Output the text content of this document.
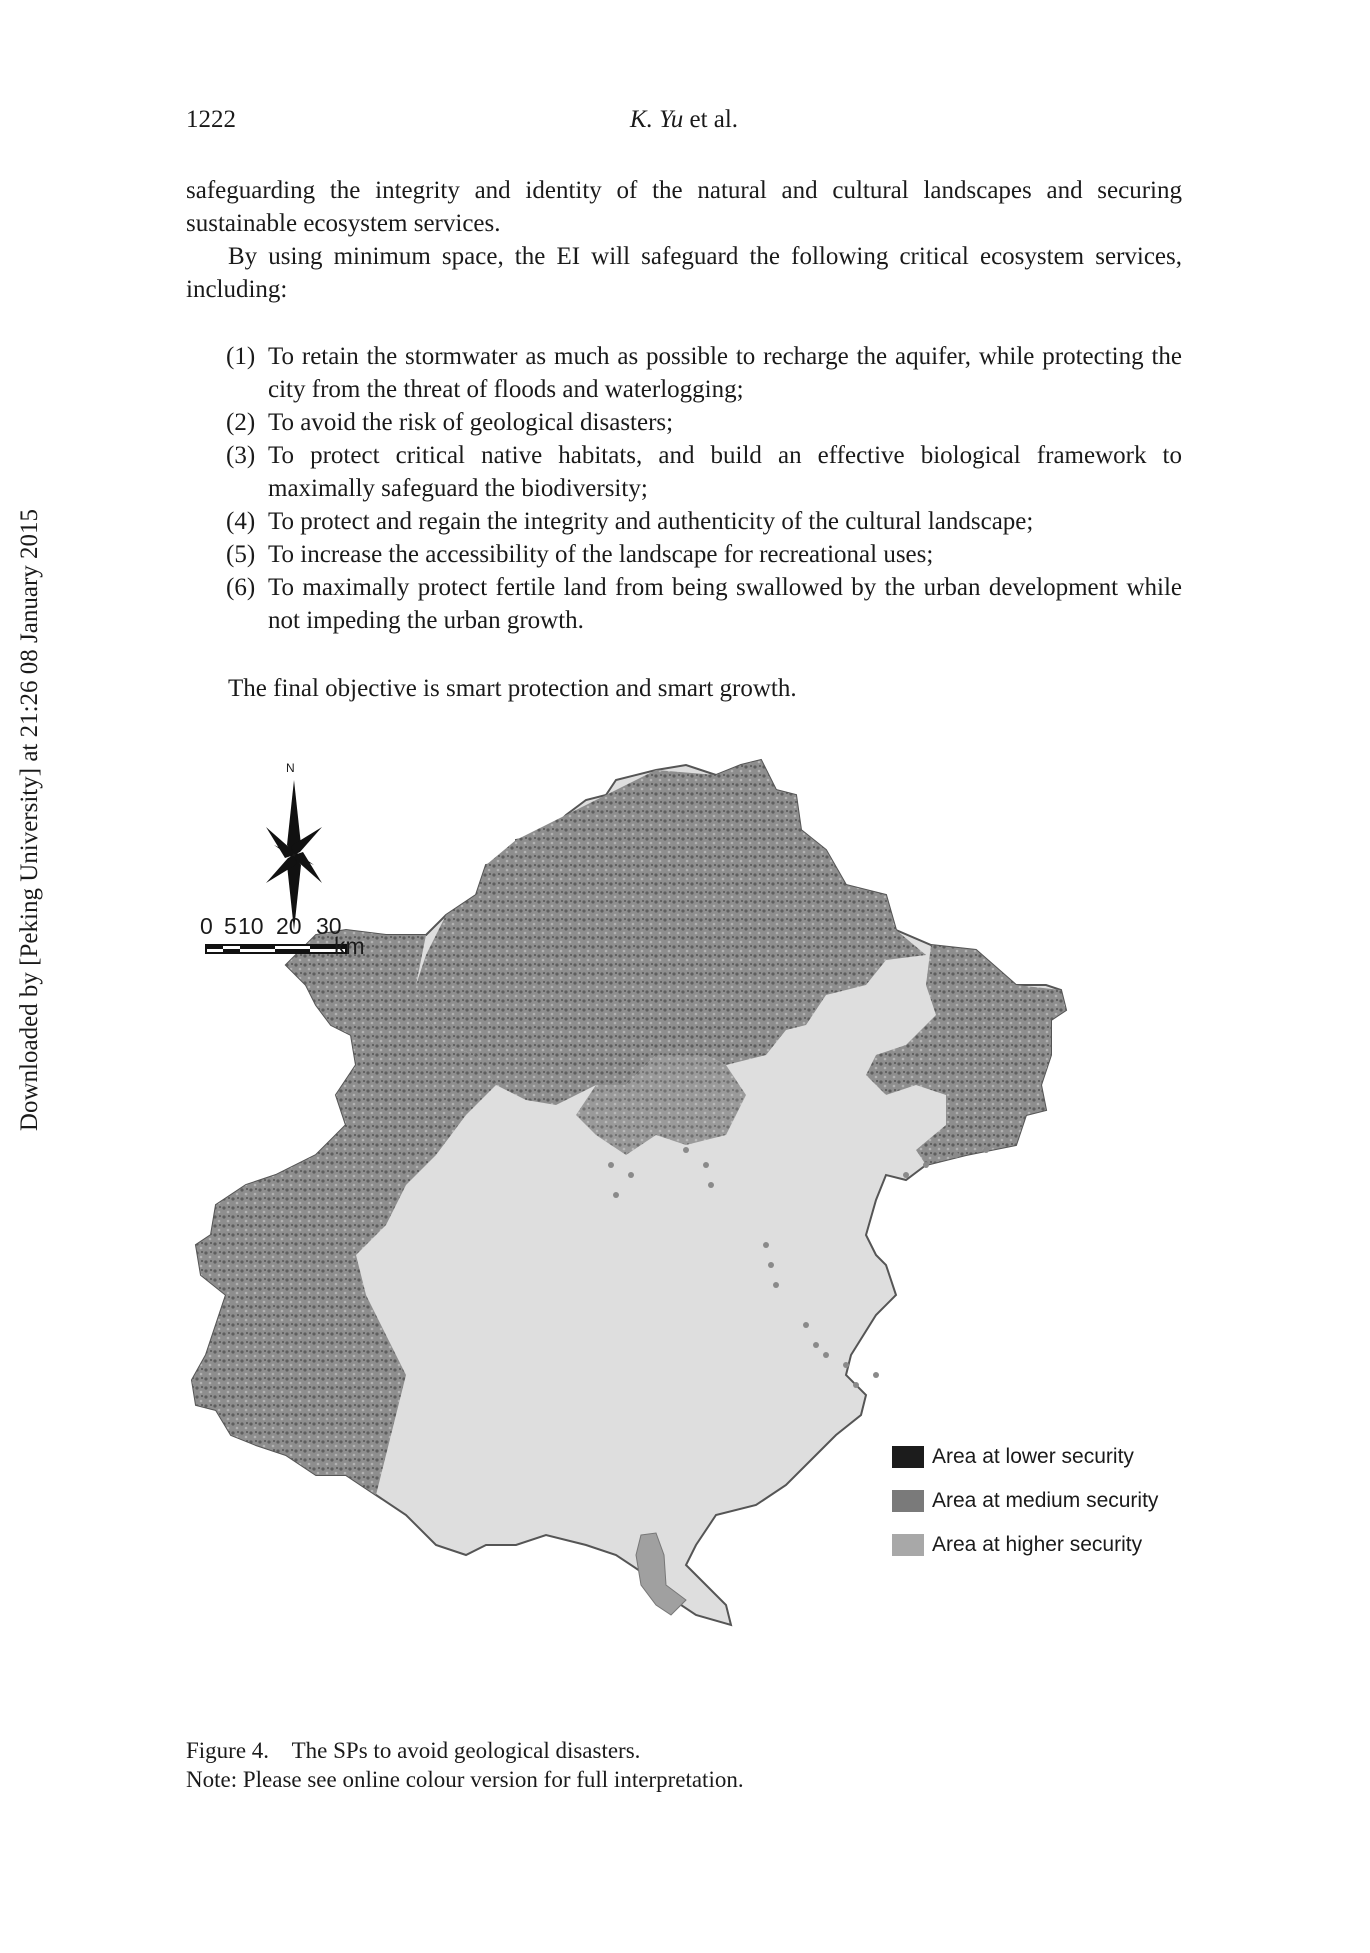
Downloaded by [Peking University] at 21:26 08 January 2015
1222	K. Yu et al.

safeguarding the integrity and identity of the natural and cultural landscapes and securing sustainable ecosystem services.

By using minimum space, the EI will safeguard the following critical ecosystem services, including:

(1) To retain the stormwater as much as possible to recharge the aquifer, while protecting the city from the threat of floods and waterlogging;
(2) To avoid the risk of geological disasters;
(3) To protect critical native habitats, and build an effective biological framework to maximally safeguard the biodiversity;
(4) To protect and regain the integrity and authenticity of the cultural landscape;
(5) To increase the accessibility of the landscape for recreational uses;
(6) To maximally protect fertile land from being swallowed by the urban development while not impeding the urban growth.

The final objective is smart protection and smart growth.

N
0 5 10 20 30
km
Area at lower security
Area at medium security
Area at higher security
Figure 4.    The SPs to avoid geological disasters.
Note: Please see online colour version for full interpretation.
